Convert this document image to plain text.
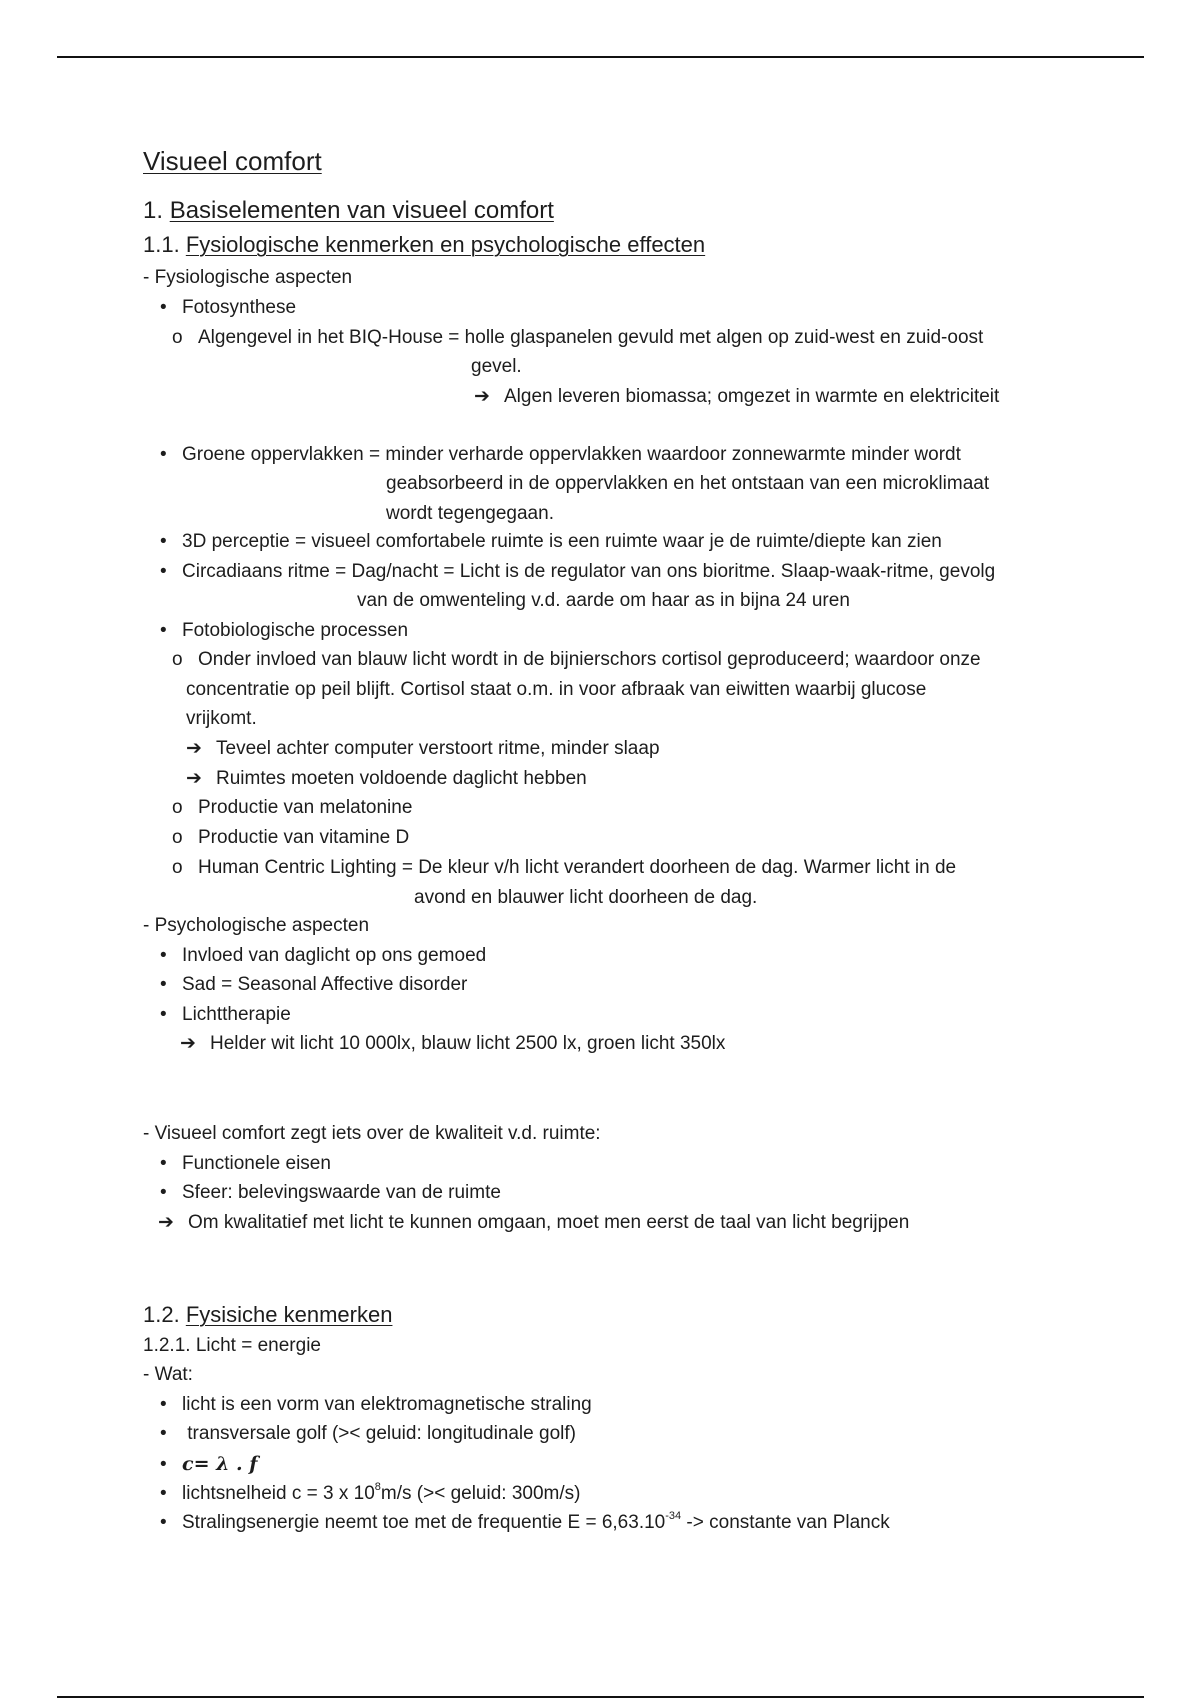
Visueel comfort
1. Basiselementen van visueel comfort
1.1. Fysiologische kenmerken en psychologische effecten
- Fysiologische aspecten
• Fotosynthese
o Algengevel in het BIQ-House = holle glaspanelen gevuld met algen op zuid-west en zuid-oost
gevel.
➔ Algen leveren biomassa; omgezet in warmte en elektriciteit
• Groene oppervlakken = minder verharde oppervlakken waardoor zonnewarmte minder wordt
geabsorbeerd in de oppervlakken en het ontstaan van een microklimaat
wordt tegengegaan.
• 3D perceptie = visueel comfortabele ruimte is een ruimte waar je de ruimte/diepte kan zien
• Circadiaans ritme = Dag/nacht = Licht is de regulator van ons bioritme. Slaap-waak-ritme, gevolg
van de omwenteling v.d. aarde om haar as in bijna 24 uren
• Fotobiologische processen
o Onder invloed van blauw licht wordt in de bijnierschors cortisol geproduceerd; waardoor onze
concentratie op peil blijft. Cortisol staat o.m. in voor afbraak van eiwitten waarbij glucose
vrijkomt.
➔ Teveel achter computer verstoort ritme, minder slaap
➔ Ruimtes moeten voldoende daglicht hebben
o Productie van melatonine
o Productie van vitamine D
o Human Centric Lighting = De kleur v/h licht verandert doorheen de dag. Warmer licht in de
avond en blauwer licht doorheen de dag.
- Psychologische aspecten
• Invloed van daglicht op ons gemoed
• Sad = Seasonal Affective disorder
• Lichttherapie
➔ Helder wit licht 10 000lx, blauw licht 2500 lx, groen licht 350lx
- Visueel comfort zegt iets over de kwaliteit v.d. ruimte:
• Functionele eisen
• Sfeer: belevingswaarde van de ruimte
➔ Om kwalitatief met licht te kunnen omgaan, moet men eerst de taal van licht begrijpen
1.2. Fysisiche kenmerken
1.2.1. Licht = energie
- Wat:
• licht is een vorm van elektromagnetische straling
• transversale golf (>< geluid: longitudinale golf)
• c= λ . f
• lichtsnelheid c = 3 x $10^8m/s$ (>< geluid: 300m/s)
• Stralingsenergie neemt toe met de frequentie $E = 6,63.10^{-34}$ -> constante van Planck
